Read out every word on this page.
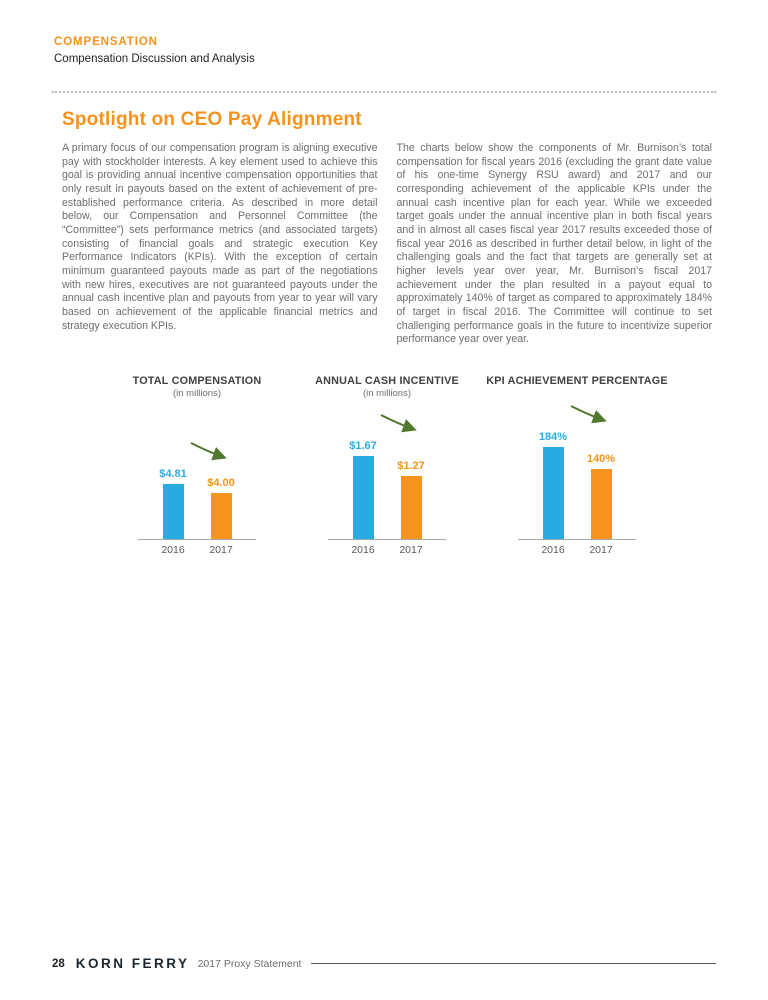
COMPENSATION
Compensation Discussion and Analysis
Spotlight on CEO Pay Alignment

A primary focus of our compensation program is aligning executive pay with stockholder interests. A key element used to achieve this goal is providing annual incentive compensation opportunities that only result in payouts based on the extent of achievement of pre-established performance criteria. As described in more detail below, our Compensation and Personnel Committee (the “Committee”) sets performance metrics (and associated targets) consisting of financial goals and strategic execution Key Performance Indicators (KPIs). With the exception of certain minimum guaranteed payouts made as part of the negotiations with new hires, executives are not guaranteed payouts under the annual cash incentive plan and payouts from year to year will vary based on achievement of the applicable financial metrics and strategy execution KPIs.

The charts below show the components of Mr. Burnison’s total compensation for fiscal years 2016 (excluding the grant date value of his one-time Synergy RSU award) and 2017 and our corresponding achievement of the applicable KPIs under the annual cash incentive plan for each year. While we exceeded target goals under the annual incentive plan in both fiscal years and in almost all cases fiscal year 2017 results exceeded those of fiscal year 2016 as described in further detail below, in light of the challenging goals and the fact that targets are generally set at higher levels year over year, Mr. Burnison’s fiscal 2017 achievement under the plan resulted in a payout equal to approximately 140% of target as compared to approximately 184% of target in fiscal 2016. The Committee will continue to set challenging performance goals in the future to incentivize superior performance year over year.

TOTAL COMPENSATION
(in millions)
$4.81
$4.00
2016	2017
ANNUAL CASH INCENTIVE
(in millions)
$1.67
$1.27
2016	2017
KPI ACHIEVEMENT PERCENTAGE
184%
140%
2016	2017
28 KORN FERRY 2017 Proxy Statement
